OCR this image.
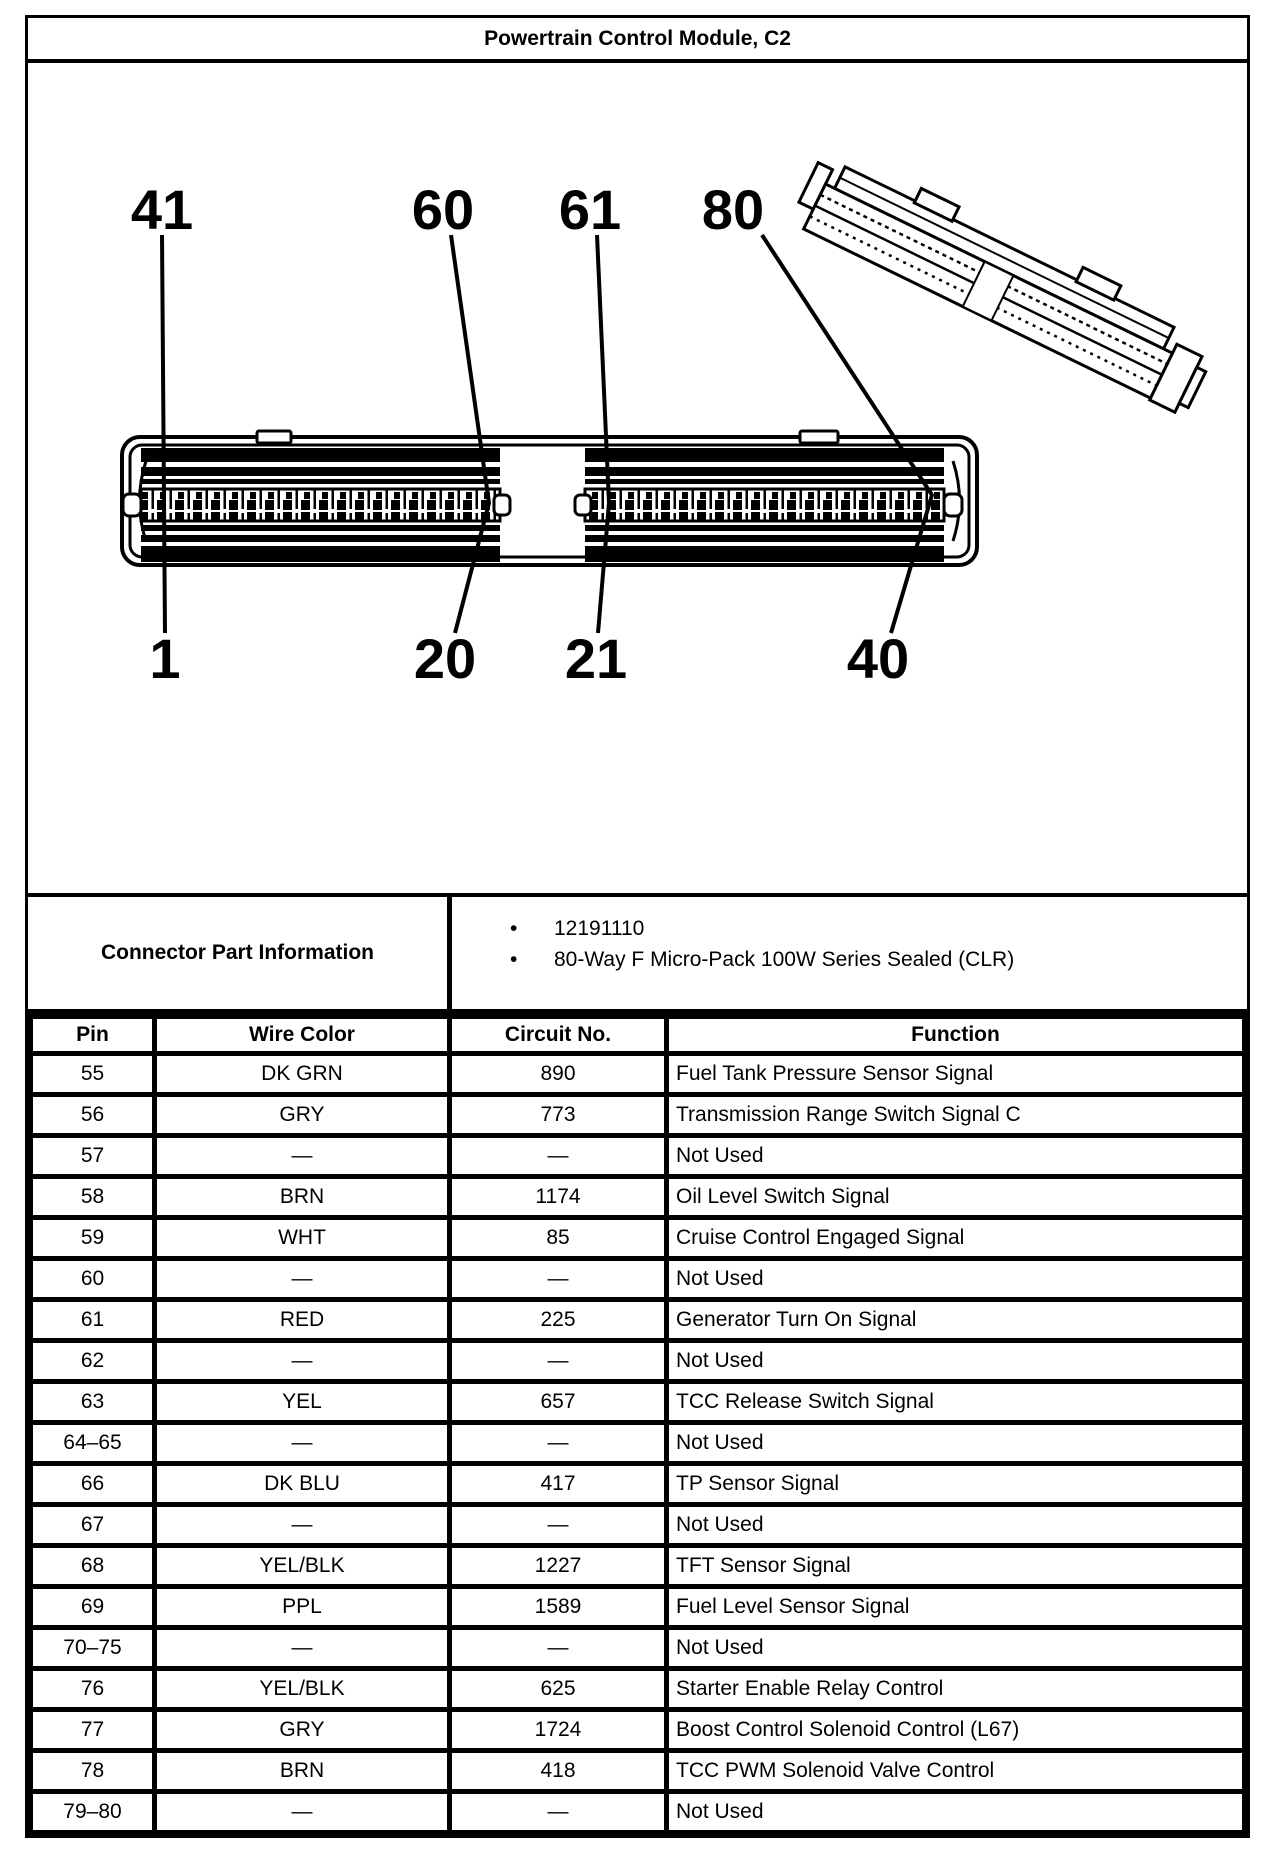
Powertrain Control Module, C2
41	60 61 80
1	20 21	40
Connector Part Information
•	12191110
•	80-Way F Micro-Pack 100W Series Sealed (CLR)
Pin	Wire Color	Circuit No.	Function
55	DK GRN	890	Fuel Tank Pressure Sensor Signal
56	GRY	773	Transmission Range Switch Signal C
57	—	—	Not Used
58	BRN	1174	Oil Level Switch Signal
59	WHT	85	Cruise Control Engaged Signal
60	—	—	Not Used
61	RED	225	Generator Turn On Signal
62	—	—	Not Used
63	YEL	657	TCC Release Switch Signal
64–65	—	—	Not Used
66	DK BLU	417	TP Sensor Signal
67	—	—	Not Used
68	YEL/BLK	1227	TFT Sensor Signal
69	PPL	1589	Fuel Level Sensor Signal
70–75	—	—	Not Used
76	YEL/BLK	625	Starter Enable Relay Control
77	GRY	1724	Boost Control Solenoid Control (L67)
78	BRN	418	TCC PWM Solenoid Valve Control
79–80	—	—	Not Used
